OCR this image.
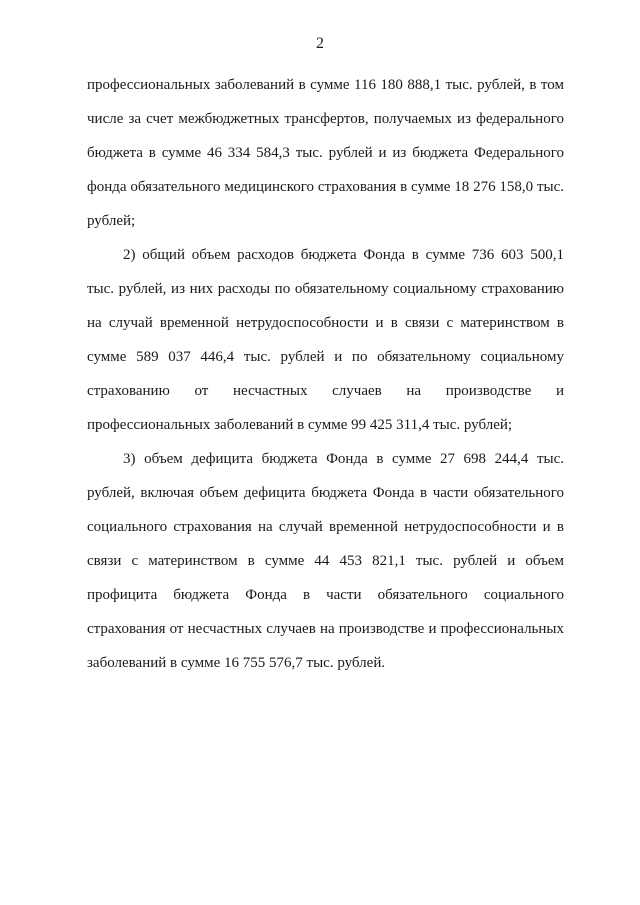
2

профессиональных заболеваний в сумме 116 180 888,1 тыс. рублей, в том числе за счет межбюджетных трансфертов, получаемых из федерального бюджета в сумме 46 334 584,3 тыс. рублей и из бюджета Федерального фонда обязательного медицинского страхования в сумме 18 276 158,0 тыс. рублей;

2) общий объем расходов бюджета Фонда в сумме 736 603 500,1 тыс. рублей, из них расходы по обязательному социальному страхованию на случай временной нетрудоспособности и в связи с материнством в сумме 589 037 446,4 тыс. рублей и по обязательному социальному страхованию от несчастных случаев на производстве и профессиональных заболеваний в сумме 99 425 311,4 тыс. рублей;

3) объем дефицита бюджета Фонда в сумме 27 698 244,4 тыс. рублей, включая объем дефицита бюджета Фонда в части обязательного социального страхования на случай временной нетрудоспособности и в связи с материнством в сумме 44 453 821,1 тыс. рублей и объем профицита бюджета Фонда в части обязательного социального страхования от несчастных случаев на производстве и профессиональных заболеваний в сумме 16 755 576,7 тыс. рублей.
